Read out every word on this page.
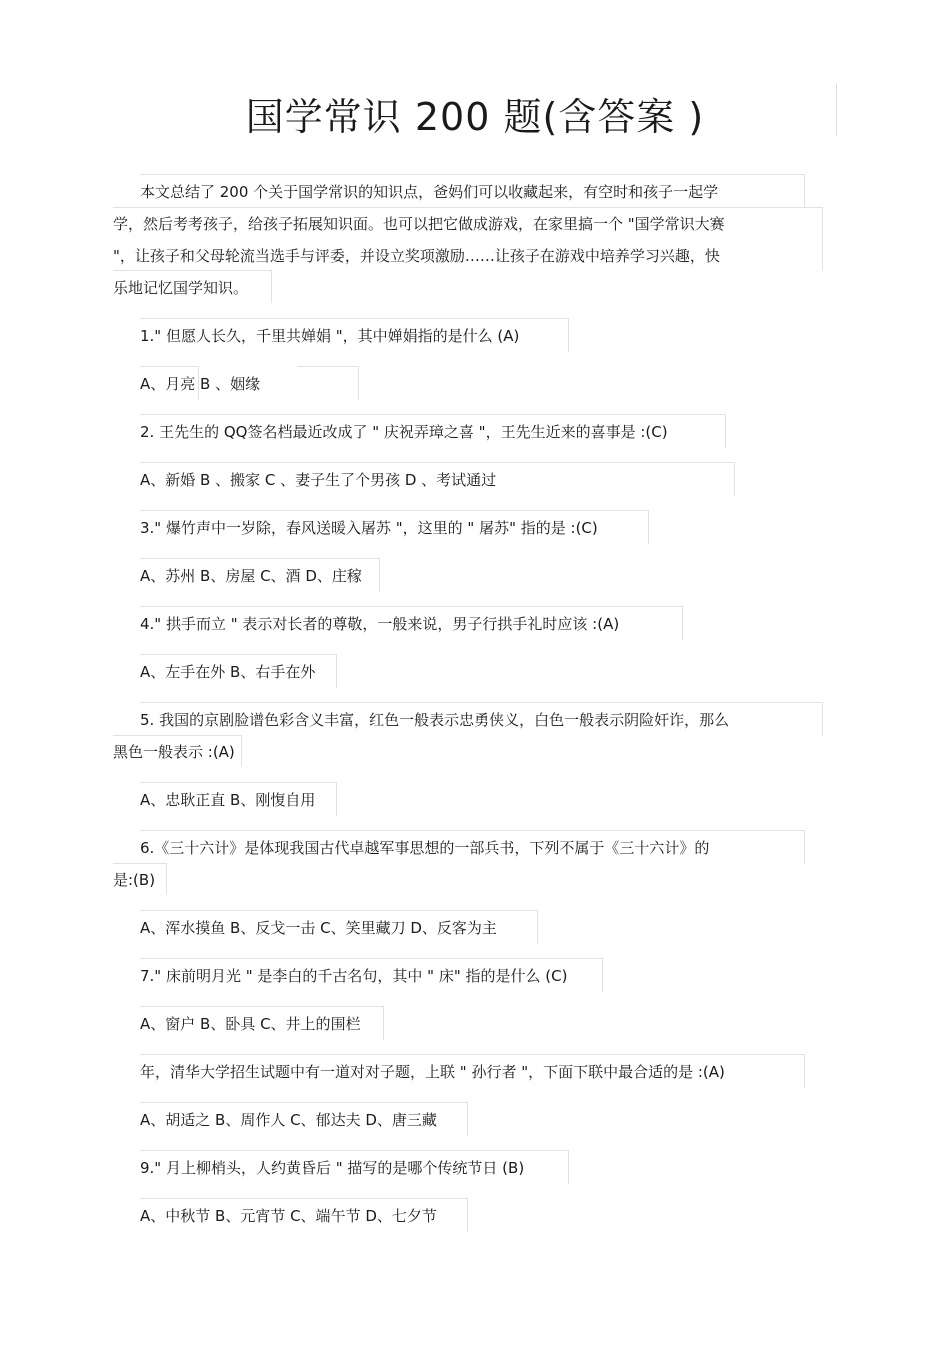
国学常识 200 题(含答案 )
本文总结了 200 个关于国学常识的知识点，爸妈们可以收藏起来，有空时和孩子一起学
学，然后考考孩子，给孩子拓展知识面。也可以把它做成游戏，在家里搞一个 "国学常识大赛
"，让孩子和父母轮流当选手与评委，并设立奖项激励……让孩子在游戏中培养学习兴趣，快
乐地记忆国学知识。
1." 但愿人长久，千里共婵娟 "，其中婵娟指的是什么 (A)
A、月亮 B 、姻缘
2. 王先生的 QQ签名档最近改成了 " 庆祝弄璋之喜 "，王先生近来的喜事是 :(C)
A、新婚 B 、搬家 C 、妻子生了个男孩 D 、考试通过
3." 爆竹声中一岁除，春风送暖入屠苏 "，这里的 " 屠苏" 指的是 :(C)
A、苏州 B、房屋 C、酒 D、庄稼
4." 拱手而立 " 表示对长者的尊敬，一般来说，男子行拱手礼时应该 :(A)
A、左手在外 B、右手在外
5. 我国的京剧脸谱色彩含义丰富，红色一般表示忠勇侠义，白色一般表示阴险奸诈，那么
黑色一般表示 :(A)
A、忠耿正直 B、刚愎自用
6.《三十六计》是体现我国古代卓越军事思想的一部兵书，下列不属于《三十六计》的
是:(B)
A、浑水摸鱼 B、反戈一击 C、笑里藏刀 D、反客为主
7." 床前明月光 " 是李白的千古名句，其中 " 床" 指的是什么 (C)
A、窗户 B、卧具 C、井上的围栏
年，清华大学招生试题中有一道对对子题，上联 " 孙行者 "，下面下联中最合适的是 :(A)
A、胡适之 B、周作人 C、郁达夫 D、唐三藏
9." 月上柳梢头，人约黄昏后 " 描写的是哪个传统节日 (B)
A、中秋节 B、元宵节 C、端午节 D、七夕节
